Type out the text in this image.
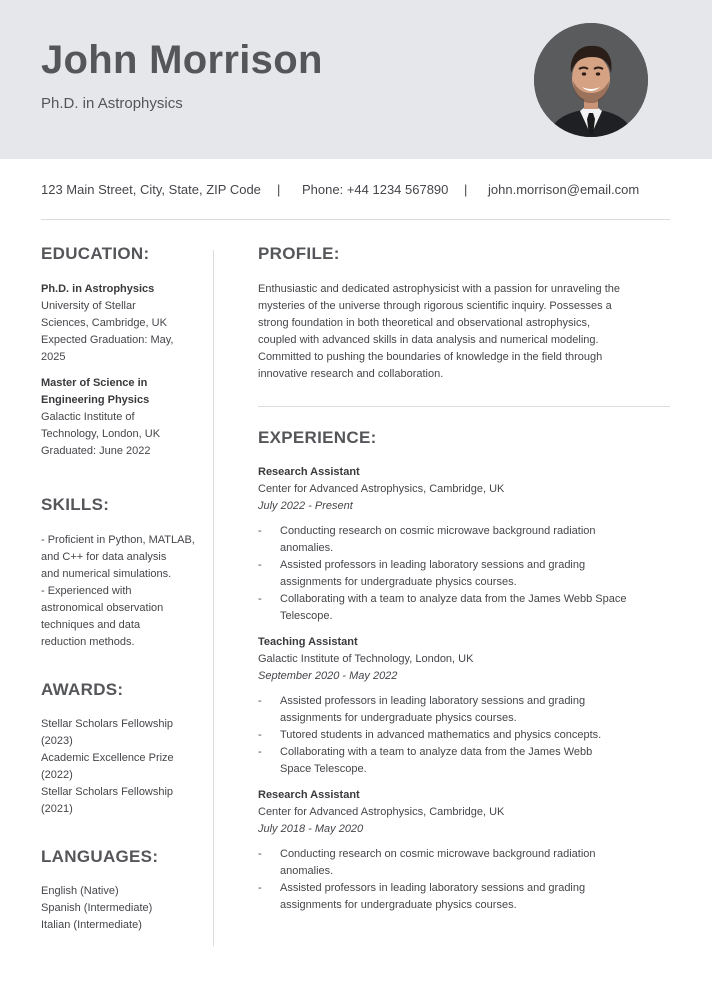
John Morrison
Ph.D. in Astrophysics
123 Main Street, City, State, ZIP Code | Phone: +44 1234 567890 | john.morrison@email.com
EDUCATION:
Ph.D. in Astrophysics
University of Stellar
Sciences, Cambridge, UK
Expected Graduation: May,
2025
Master of Science in
Engineering Physics
Galactic Institute of
Technology, London, UK
Graduated: June 2022
SKILLS:
- Proficient in Python, MATLAB,
and C++ for data analysis
and numerical simulations.
- Experienced with
astronomical observation
techniques and data
reduction methods.
AWARDS:
Stellar Scholars Fellowship
(2023)
Academic Excellence Prize
(2022)
Stellar Scholars Fellowship
(2021)
LANGUAGES:
English (Native)
Spanish (Intermediate)
Italian (Intermediate)
PROFILE:
Enthusiastic and dedicated astrophysicist with a passion for unraveling the
mysteries of the universe through rigorous scientific inquiry. Possesses a
strong foundation in both theoretical and observational astrophysics,
coupled with advanced skills in data analysis and numerical modeling.
Committed to pushing the boundaries of knowledge in the field through
innovative research and collaboration.
EXPERIENCE:
Research Assistant
Center for Advanced Astrophysics, Cambridge, UK
July 2022 - Present
- Conducting research on cosmic microwave background radiation
anomalies.
- Assisted professors in leading laboratory sessions and grading
assignments for undergraduate physics courses.
- Collaborating with a team to analyze data from the James Webb Space
Telescope.
Teaching Assistant
Galactic Institute of Technology, London, UK
September 2020 - May 2022
- Assisted professors in leading laboratory sessions and grading
assignments for undergraduate physics courses.
- Tutored students in advanced mathematics and physics concepts.
- Collaborating with a team to analyze data from the James Webb
Space Telescope.
Research Assistant
Center for Advanced Astrophysics, Cambridge, UK
July 2018 - May 2020
- Conducting research on cosmic microwave background radiation
anomalies.
- Assisted professors in leading laboratory sessions and grading
assignments for undergraduate physics courses.
